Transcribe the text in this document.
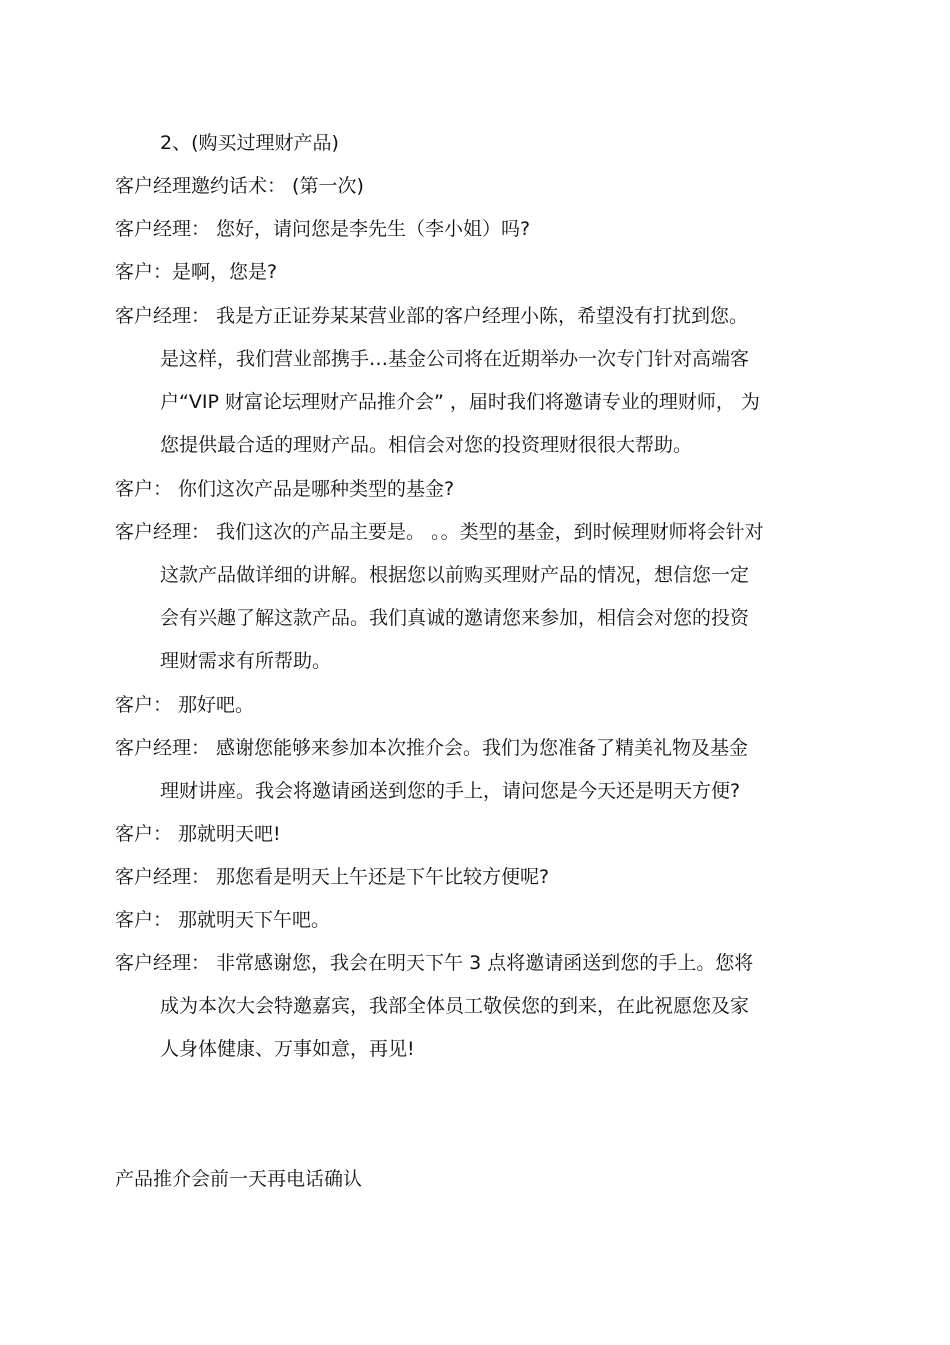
2、(购买过理财产品)
客户经理邀约话术： (第一次)
客户经理： 您好，请问您是李先生（李小姐）吗?
客户：是啊，您是?
客户经理： 我是方正证券某某营业部的客户经理小陈，希望没有打扰到您。
是这样，我们营业部携手…基金公司将在近期举办一次专门针对高端客
户“VIP 财富论坛理财产品推介会” ，届时我们将邀请专业的理财师， 为
您提供最合适的理财产品。相信会对您的投资理财很很大帮助。
客户： 你们这次产品是哪种类型的基金?
客户经理： 我们这次的产品主要是。 。。类型的基金，到时候理财师将会针对
这款产品做详细的讲解。根据您以前购买理财产品的情况，想信您一定
会有兴趣了解这款产品。我们真诚的邀请您来参加，相信会对您的投资
理财需求有所帮助。
客户： 那好吧。
客户经理： 感谢您能够来参加本次推介会。我们为您准备了精美礼物及基金
理财讲座。我会将邀请函送到您的手上，请问您是今天还是明天方便?
客户： 那就明天吧!
客户经理： 那您看是明天上午还是下午比较方便呢?
客户： 那就明天下午吧。
客户经理： 非常感谢您，我会在明天下午 3 点将邀请函送到您的手上。您将
成为本次大会特邀嘉宾，我部全体员工敬侯您的到来，在此祝愿您及家
人身体健康、万事如意，再见!
产品推介会前一天再电话确认
